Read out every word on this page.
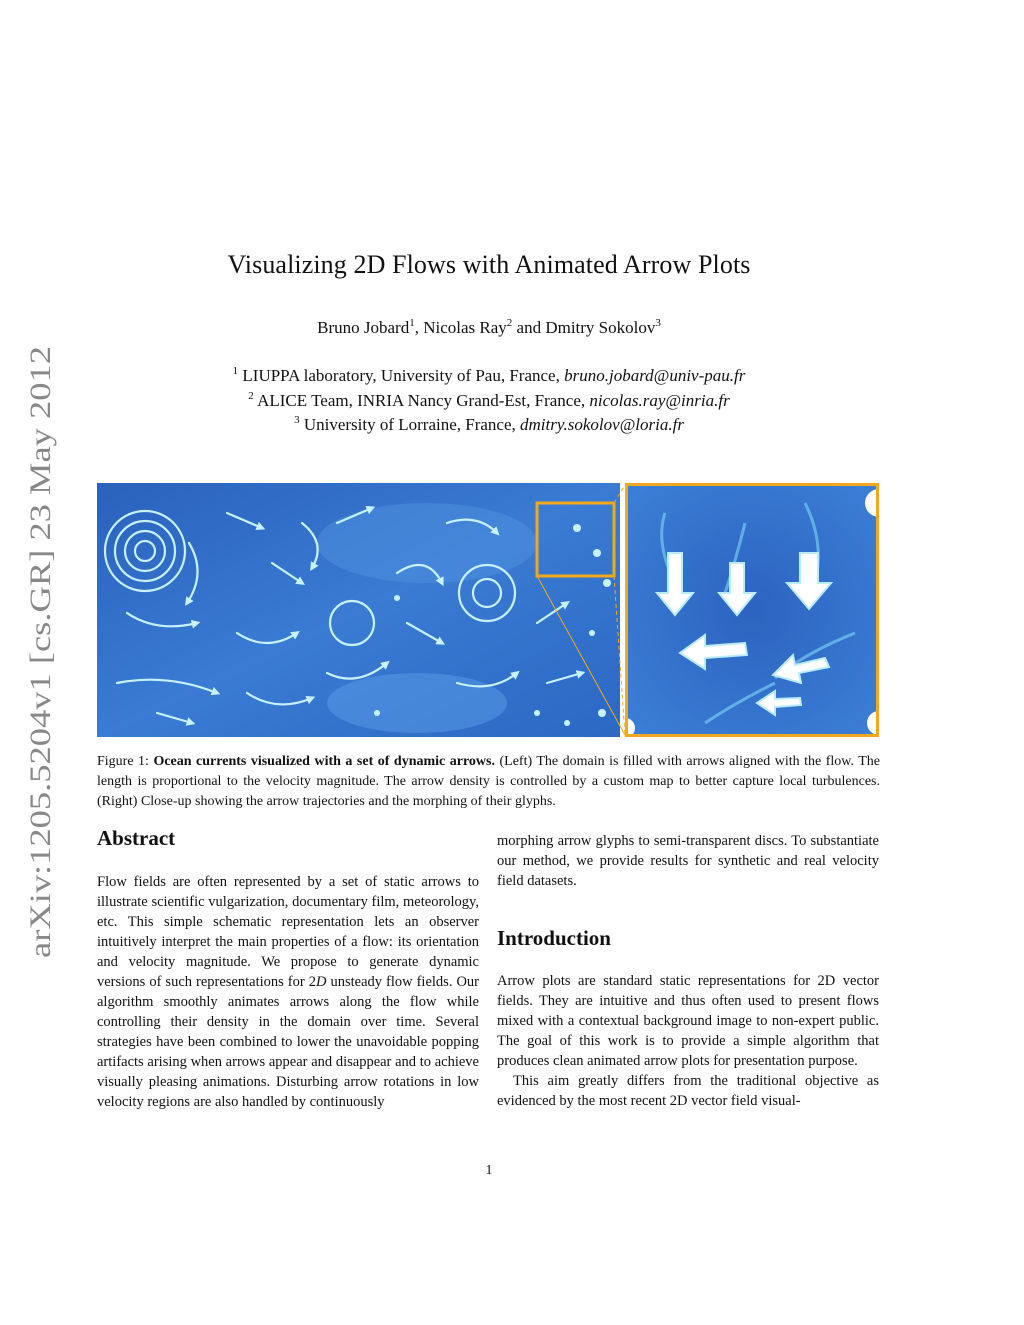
arXiv:1205.5204v1 [cs.GR] 23 May 2012
Visualizing 2D Flows with Animated Arrow Plots
Bruno Jobard$^1$, Nicolas Ray$^2$ and Dmitry Sokolov$^3$
$^1$ LIUPPA laboratory, University of Pau, France, bruno.jobard@univ-pau.fr
$^2$ ALICE Team, INRIA Nancy Grand-Est, France, nicolas.ray@inria.fr
$^3$ University of Lorraine, France, dmitry.sokolov@loria.fr
Figure 1: Ocean currents visualized with a set of dynamic arrows. (Left) The domain is filled with arrows aligned with the flow. The length is proportional to the velocity magnitude. The arrow density is controlled by a custom map to better capture local turbulences. (Right) Close-up showing the arrow trajectories and the morphing of their glyphs.
Abstract

Flow fields are often represented by a set of static arrows to illustrate scientific vulgarization, documentary film, meteorology, etc. This simple schematic representation lets an observer intuitively interpret the main properties of a flow: its orientation and velocity magnitude. We propose to generate dynamic versions of such representations for 2D unsteady flow fields. Our algorithm smoothly animates arrows along the flow while controlling their density in the domain over time. Several strategies have been combined to lower the unavoidable popping artifacts arising when arrows appear and disappear and to achieve visually pleasing animations. Disturbing arrow rotations in low velocity regions are also handled by continuously

morphing arrow glyphs to semi-transparent discs. To substantiate our method, we provide results for synthetic and real velocity field datasets.

Introduction

Arrow plots are standard static representations for 2D vector fields. They are intuitive and thus often used to present flows mixed with a contextual background image to non-expert public. The goal of this work is to provide a simple algorithm that produces clean animated arrow plots for presentation purpose.

This aim greatly differs from the traditional objective as evidenced by the most recent 2D vector field visual-

1
